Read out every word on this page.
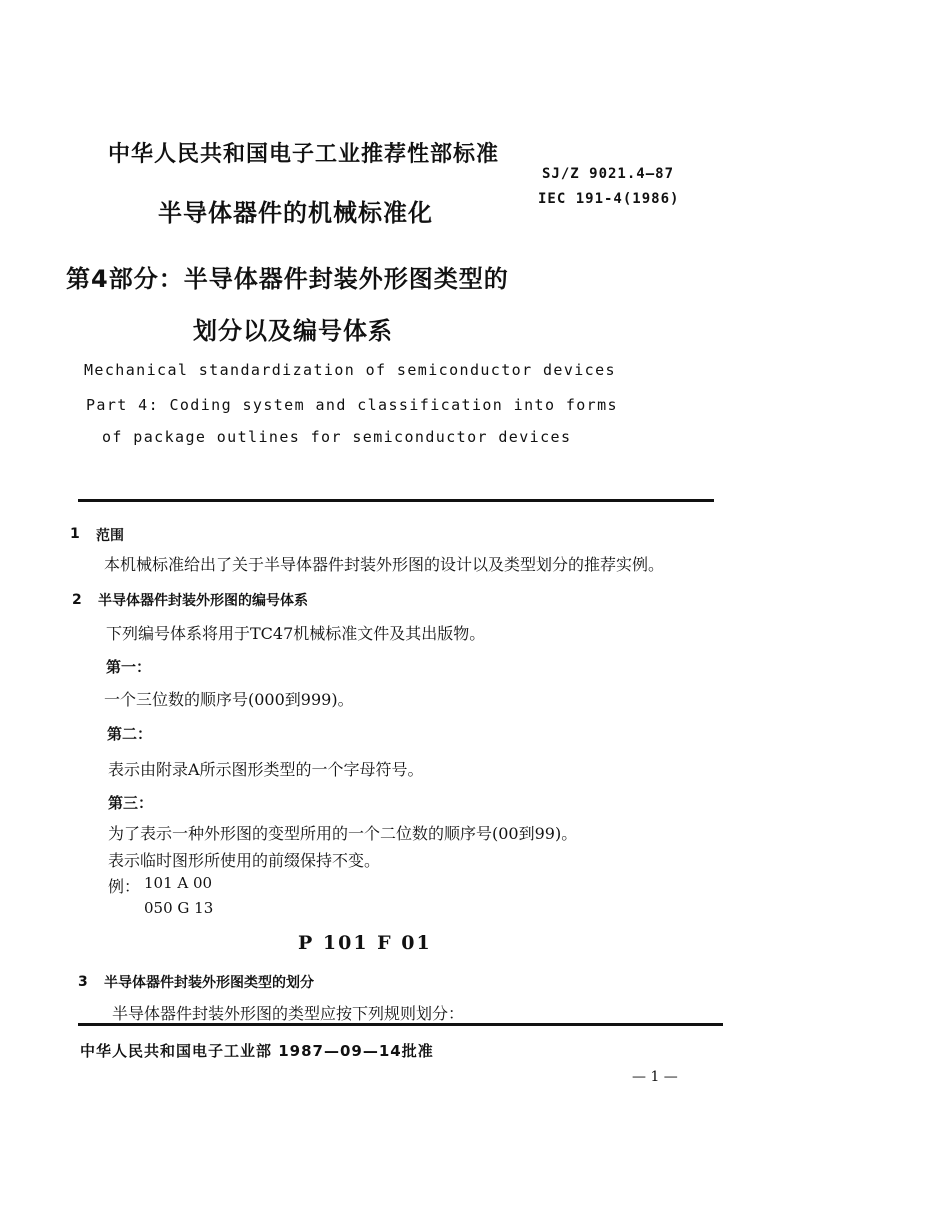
中华人民共和国电子工业推荐性部标准
半导体器件的机械标准化
SJ/Z 9021.4—87
IEC 191-4(1986)
第4部分：半导体器件封装外形图类型的
划分以及编号体系
Mechanical standardization of semiconductor devices
Part 4: Coding system and classification into forms
of package outlines for semiconductor devices
1 范围
本机械标准给出了关于半导体器件封装外形图的设计以及类型划分的推荐实例。
2 半导体器件封装外形图的编号体系
下列编号体系将用于TC47机械标准文件及其出版物。
第一：
一个三位数的顺序号(000到999)。
第二：
表示由附录A所示图形类型的一个字母符号。
第三：
为了表示一种外形图的变型所用的一个二位数的顺序号(00到99)。
表示临时图形所使用的前缀保持不变。
例： 101 A 00
050 G 13
P 101 F 01
3 半导体器件封装外形图类型的划分
半导体器件封装外形图的类型应按下列规则划分：
中华人民共和国电子工业部 1987—09—14批准
— 1 —
